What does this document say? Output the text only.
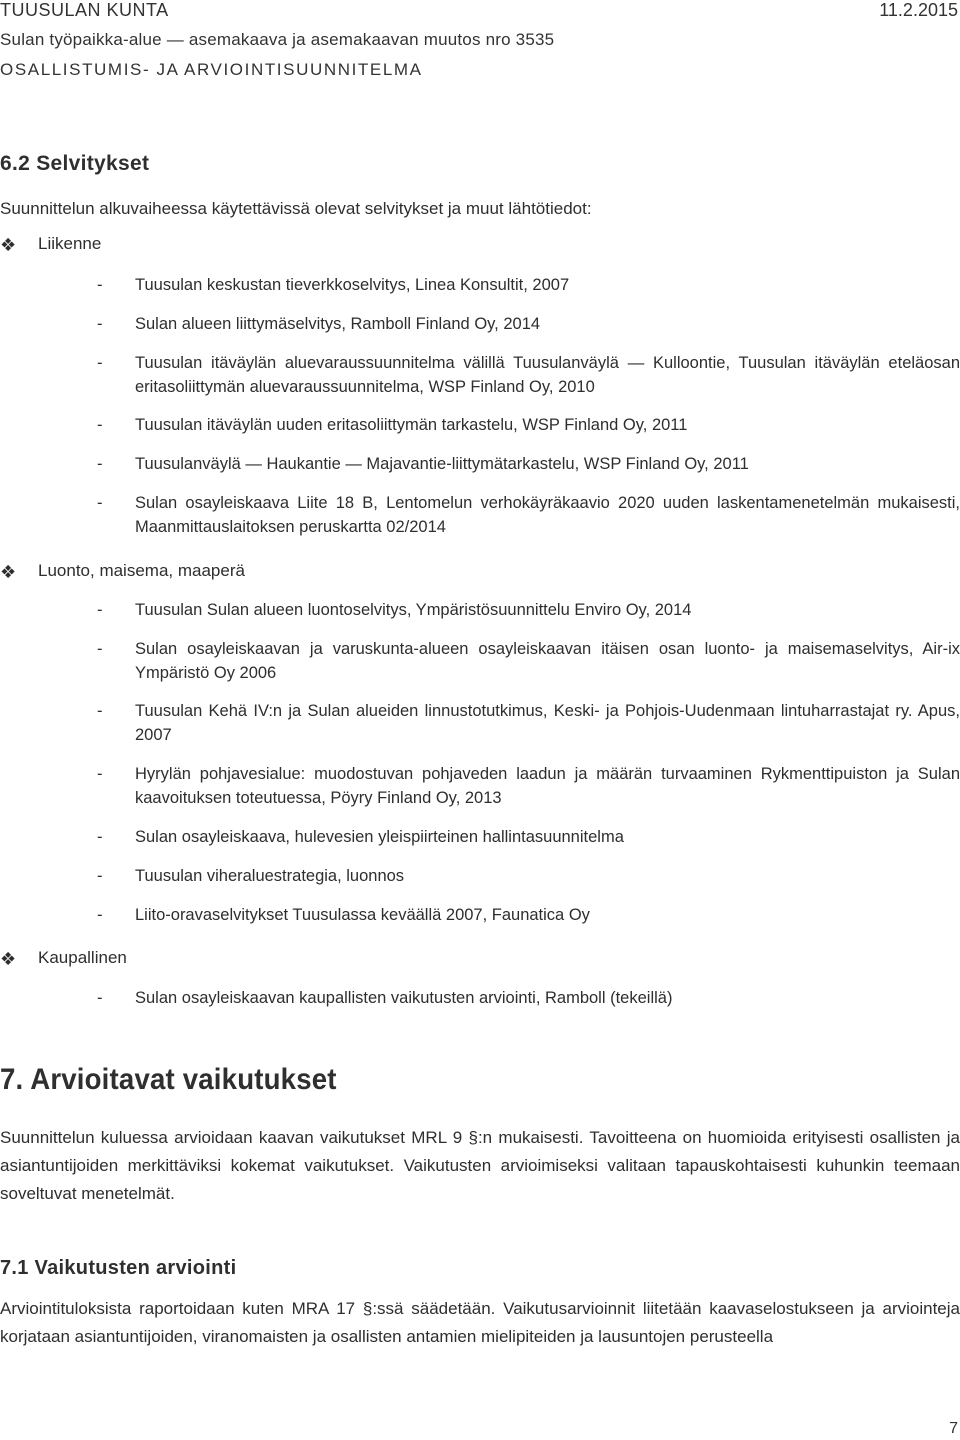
TUUSULAN KUNTA	11.2.2015
Sulan työpaikka-alue — asemakaava ja asemakaavan muutos nro 3535
OSALLISTUMIS- JA ARVIOINTISUUNNITELMA
6.2 Selvitykset
Suunnittelun alkuvaiheessa käytettävissä olevat selvitykset ja muut lähtötiedot:
❖ Liikenne
- Tuusulan keskustan tieverkkoselvitys, Linea Konsultit, 2007
- Sulan alueen liittymäselvitys, Ramboll Finland Oy, 2014
- Tuusulan itäväylän aluevaraussuunnitelma välillä Tuusulanväylä — Kulloontie, Tuusulan itäväylän eteläosan eritasoliittymän aluevaraussuunnitelma, WSP Finland Oy, 2010
- Tuusulan itäväylän uuden eritasoliittymän tarkastelu, WSP Finland Oy, 2011
- Tuusulanväylä — Haukantie — Majavantie-liittymätarkastelu, WSP Finland Oy, 2011
- Sulan osayleiskaava Liite 18 B, Lentomelun verhokäyräkaavio 2020 uuden laskentamenetelmän mukaisesti, Maanmittauslaitoksen peruskartta 02/2014
❖ Luonto, maisema, maaperä
- Tuusulan Sulan alueen luontoselvitys, Ympäristösuunnittelu Enviro Oy, 2014
- Sulan osayleiskaavan ja varuskunta-alueen osayleiskaavan itäisen osan luonto- ja maisemaselvitys, Air-ix Ympäristö Oy 2006
- Tuusulan Kehä IV:n ja Sulan alueiden linnustotutkimus, Keski- ja Pohjois-Uudenmaan lintuharrastajat ry. Apus, 2007
- Hyrylän pohjavesialue: muodostuvan pohjaveden laadun ja määrän turvaaminen Rykmenttipuiston ja Sulan kaavoituksen toteutuessa, Pöyry Finland Oy, 2013
- Sulan osayleiskaava, hulevesien yleispiirteinen hallintasuunnitelma
- Tuusulan viheraluestrategia, luonnos
- Liito-oravaselvitykset Tuusulassa keväällä 2007, Faunatica Oy
❖ Kaupallinen
- Sulan osayleiskaavan kaupallisten vaikutusten arviointi, Ramboll (tekeillä)
7. Arvioitavat vaikutukset
Suunnittelun kuluessa arvioidaan kaavan vaikutukset MRL 9 §:n mukaisesti. Tavoitteena on huomioida erityisesti osallisten ja asiantuntijoiden merkittäviksi kokemat vaikutukset. Vaikutusten arvioimiseksi valitaan tapauskohtaisesti kuhunkin teemaan soveltuvat menetelmät.
7.1 Vaikutusten arviointi
Arviointituloksista raportoidaan kuten MRA 17 §:ssä säädetään. Vaikutusarvioinnit liitetään kaavaselostukseen ja arviointeja korjataan asiantuntijoiden, viranomaisten ja osallisten antamien mielipiteiden ja lausuntojen perusteella
7
